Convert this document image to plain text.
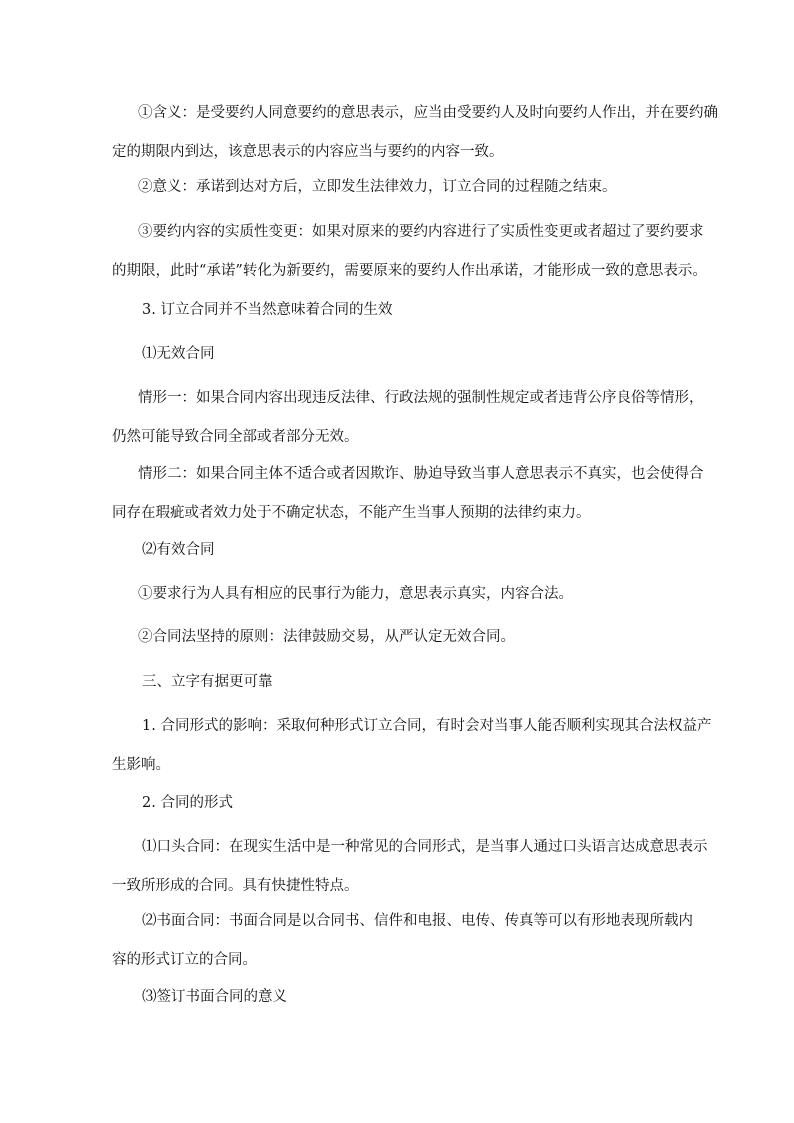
①含义：是受要约人同意要约的意思表示，应当由受要约人及时向要约人作出，并在要约确
定的期限内到达，该意思表示的内容应当与要约的内容一致。
②意义：承诺到达对方后，立即发生法律效力，订立合同的过程随之结束。
③要约内容的实质性变更：如果对原来的要约内容进行了实质性变更或者超过了要约要求
的期限，此时“承诺”转化为新要约，需要原来的要约人作出承诺，才能形成一致的意思表示。
3. 订立合同并不当然意味着合同的生效
⑴无效合同
情形一：如果合同内容出现违反法律、行政法规的强制性规定或者违背公序良俗等情形，
仍然可能导致合同全部或者部分无效。
情形二：如果合同主体不适合或者因欺诈、胁迫导致当事人意思表示不真实，也会使得合
同存在瑕疵或者效力处于不确定状态，不能产生当事人预期的法律约束力。
⑵有效合同
①要求行为人具有相应的民事行为能力，意思表示真实，内容合法。
②合同法坚持的原则：法律鼓励交易，从严认定无效合同。
三、立字有据更可靠
1. 合同形式的影响：采取何种形式订立合同，有时会对当事人能否顺利实现其合法权益产
生影响。
2. 合同的形式
⑴口头合同：在现实生活中是一种常见的合同形式，是当事人通过口头语言达成意思表示
一致所形成的合同。具有快捷性特点。
⑵书面合同：书面合同是以合同书、信件和电报、电传、传真等可以有形地表现所载内
容的形式订立的合同。
⑶签订书面合同的意义
